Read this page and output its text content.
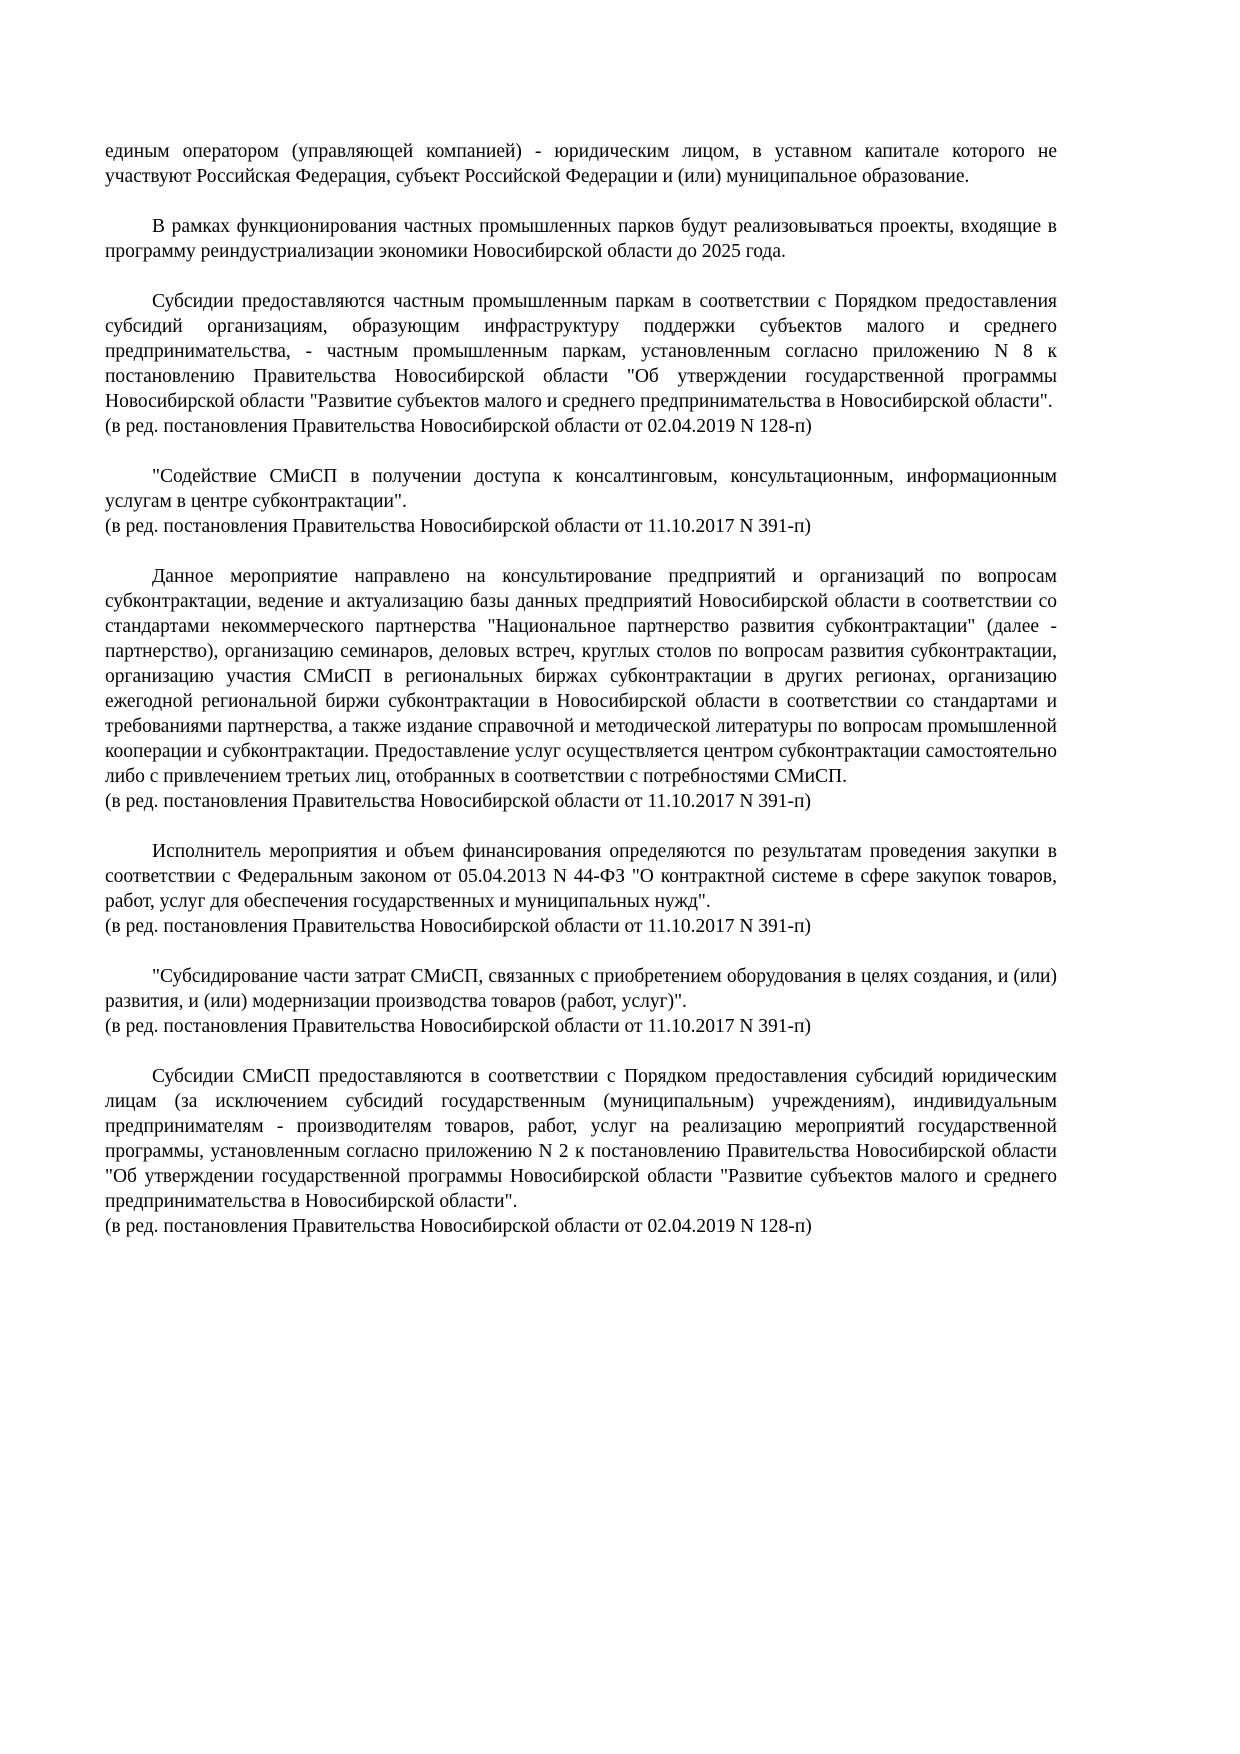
единым оператором (управляющей компанией) - юридическим лицом, в уставном капитале которого не участвуют Российская Федерация, субъект Российской Федерации и (или) муниципальное образование.

В рамках функционирования частных промышленных парков будут реализовываться проекты, входящие в программу реиндустриализации экономики Новосибирской области до 2025 года.

Субсидии предоставляются частным промышленным паркам в соответствии с Порядком предоставления субсидий организациям, образующим инфраструктуру поддержки субъектов малого и среднего предпринимательства, - частным промышленным паркам, установленным согласно приложению N 8 к постановлению Правительства Новосибирской области "Об утверждении государственной программы Новосибирской области "Развитие субъектов малого и среднего предпринимательства в Новосибирской области".

(в ред. постановления Правительства Новосибирской области от 02.04.2019 N 128-п)

"Содействие СМиСП в получении доступа к консалтинговым, консультационным, информационным услугам в центре субконтрактации".

(в ред. постановления Правительства Новосибирской области от 11.10.2017 N 391-п)

Данное мероприятие направлено на консультирование предприятий и организаций по вопросам субконтрактации, ведение и актуализацию базы данных предприятий Новосибирской области в соответствии со стандартами некоммерческого партнерства "Национальное партнерство развития субконтрактации" (далее - партнерство), организацию семинаров, деловых встреч, круглых столов по вопросам развития субконтрактации, организацию участия СМиСП в региональных биржах субконтрактации в других регионах, организацию ежегодной региональной биржи субконтрактации в Новосибирской области в соответствии со стандартами и требованиями партнерства, а также издание справочной и методической литературы по вопросам промышленной кооперации и субконтрактации. Предоставление услуг осуществляется центром субконтрактации самостоятельно либо с привлечением третьих лиц, отобранных в соответствии с потребностями СМиСП.

(в ред. постановления Правительства Новосибирской области от 11.10.2017 N 391-п)

Исполнитель мероприятия и объем финансирования определяются по результатам проведения закупки в соответствии с Федеральным законом от 05.04.2013 N 44-ФЗ "О контрактной системе в сфере закупок товаров, работ, услуг для обеспечения государственных и муниципальных нужд".

(в ред. постановления Правительства Новосибирской области от 11.10.2017 N 391-п)

"Субсидирование части затрат СМиСП, связанных с приобретением оборудования в целях создания, и (или) развития, и (или) модернизации производства товаров (работ, услуг)".

(в ред. постановления Правительства Новосибирской области от 11.10.2017 N 391-п)

Субсидии СМиСП предоставляются в соответствии с Порядком предоставления субсидий юридическим лицам (за исключением субсидий государственным (муниципальным) учреждениям), индивидуальным предпринимателям - производителям товаров, работ, услуг на реализацию мероприятий государственной программы, установленным согласно приложению N 2 к постановлению Правительства Новосибирской области "Об утверждении государственной программы Новосибирской области "Развитие субъектов малого и среднего предпринимательства в Новосибирской области".

(в ред. постановления Правительства Новосибирской области от 02.04.2019 N 128-п)
